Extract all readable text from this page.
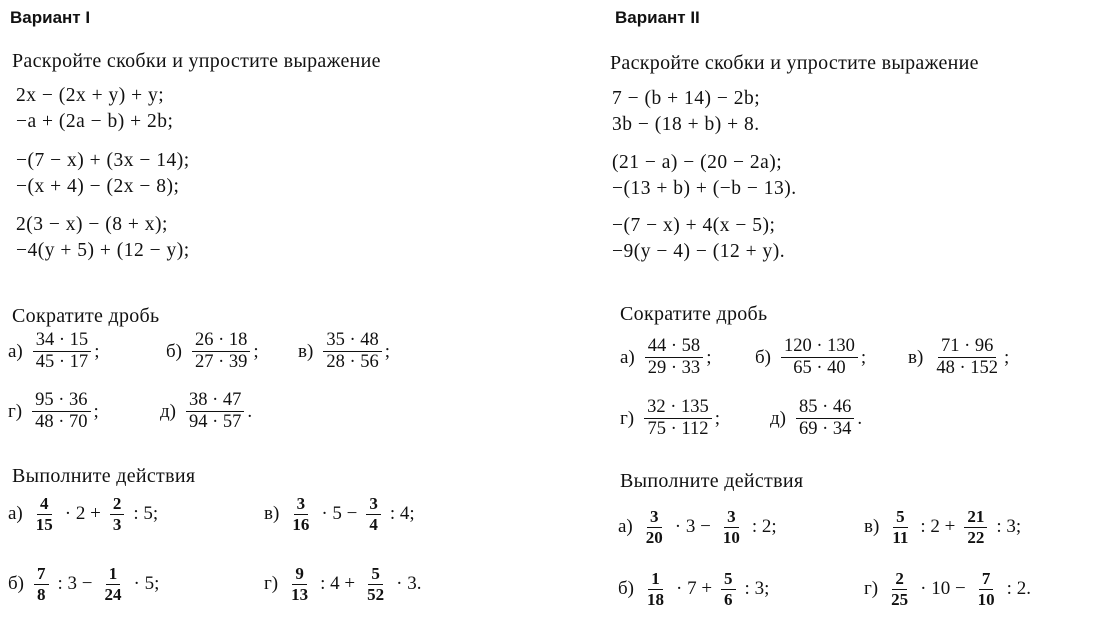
Вариант I
Раскройте скобки и упростите выражение
2x − (2x + y) + y;
−a + (2a − b) + 2b;
−(7 − x) + (3x − 14);
−(x + 4) − (2x − 8);
2(3 − x) − (8 + x);
−4(y + 5) + (12 − y);
Сократите дробь
$а) \frac{34 \cdot 15}{45 \cdot 17}$ ;	$б) \frac{26 \cdot 18}{27 \cdot 39}$ ; $в) \frac{35 \cdot 48}{28 \cdot 56}$ ;
$г) \frac{95 \cdot 36}{48 \cdot 70}$ ;	$д) \frac{38 \cdot 47}{94 \cdot 57}$ .
Выполните действия
$а) \frac{4}{15} \cdot 2 + \frac{2}{3}$ : 5;	$в) \frac{3}{16} \cdot 5 - \frac{3}{4}$ : 4;
$б) \frac{7}{8}$ : $3 - \frac{1}{24} \cdot 5$;	$г) \frac{9}{13}$ : $4 + \frac{5}{52} \cdot 3$.
Вариант II
Раскройте скобки и упростите выражение
7 − (b + 14) − 2b;
3b − (18 + b) + 8.
(21 − a) − (20 − 2a);
−(13 + b) + (−b − 13).
−(7 − x) + 4(x − 5);
−9(y − 4) − (12 + y).
Сократите дробь
$а) \frac{44 \cdot 58}{29 \cdot 33}$ ; $б) \frac{120 \cdot 130}{65 \cdot 40}$ ; $в) \frac{71 \cdot 96}{48 \cdot 152}$ ;
$г) \frac{32 \cdot 135}{75 \cdot 112}$ ;	$д) \frac{85 \cdot 46}{69 \cdot 34}$ .
Выполните действия
$а) \frac{3}{20} \cdot 3 - \frac{3}{10}$ : 2;	$в) \frac{5}{11}$ : $2 + \frac{21}{22}$ : 3;
$б) \frac{1}{18} \cdot 7 + \frac{5}{6}$ : 3;	$г) \frac{2}{25} \cdot 10 - \frac{7}{10}$ : 2.
